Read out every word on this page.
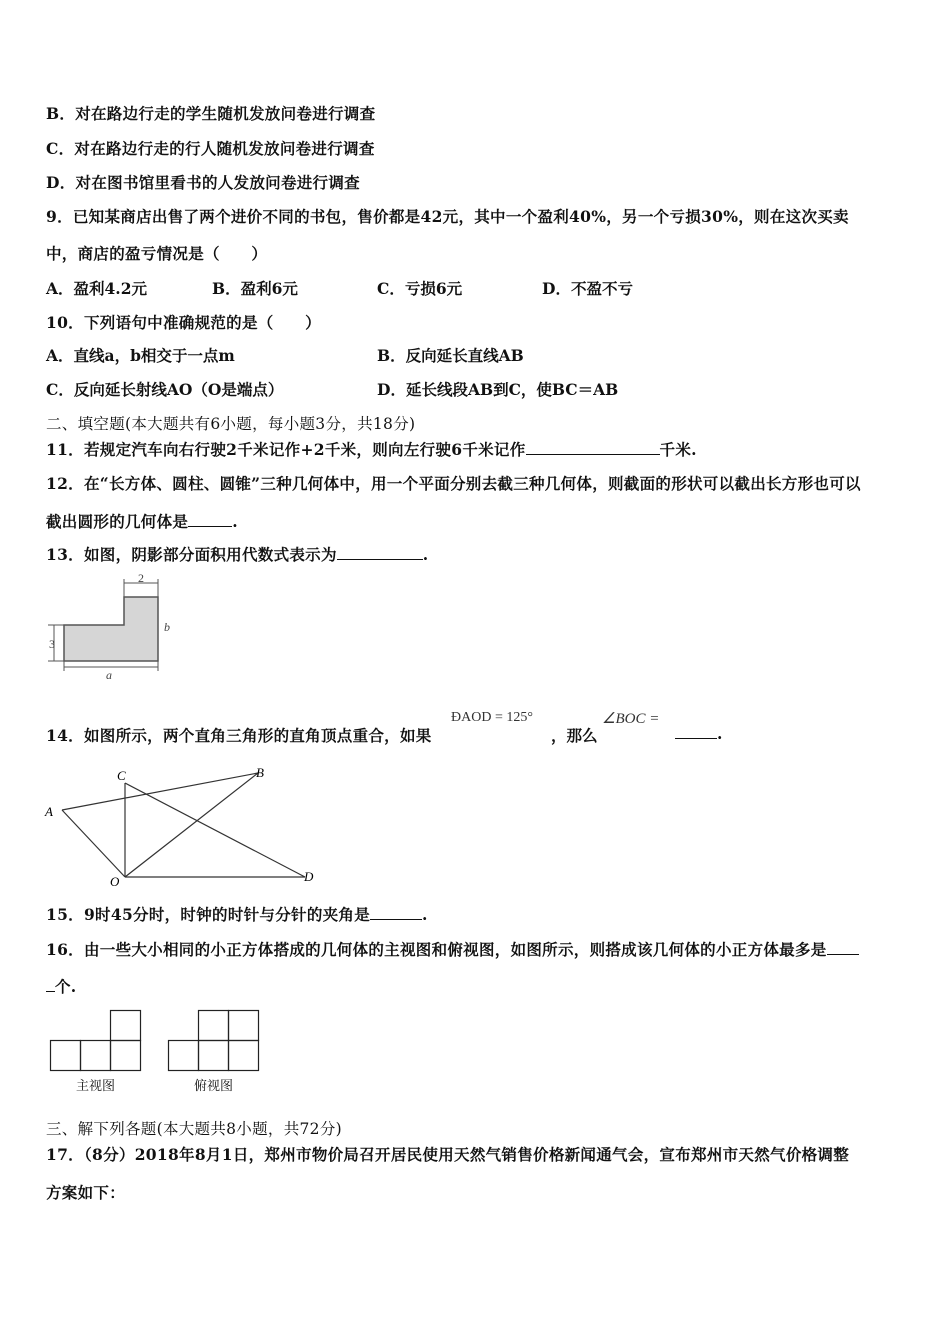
B．对在路边行走的学生随机发放问卷进行调查
C．对在路边行走的行人随机发放问卷进行调查
D．对在图书馆里看书的人发放问卷进行调查
9．已知某商店出售了两个进价不同的书包，售价都是42元，其中一个盈利40%，另一个亏损30%，则在这次买卖
中，商店的盈亏情况是（　　）
A．盈利4.2元	B．盈利6元	C．亏损6元	D．不盈不亏
10．下列语句中准确规范的是（　　）
A．直线a，b相交于一点m	B．反向延长直线AB
C．反向延长射线AO（O是端点）	D．延长线段AB到C，使BC＝AB
二、填空题(本大题共有6小题，每小题3分，共18分)
11．若规定汽车向右行驶2千米记作+2千米，则向左行驶6千米记作	千米.
12．在“长方体、圆柱、圆锥”三种几何体中，用一个平面分别去截三种几何体，则截面的形状可以截出长方形也可以
截出圆形的几何体是	.
13．如图，阴影部分面积用代数式表示为	.
2
b
3
a
14．如图所示，两个直角三角形的直角顶点重合，如果
ÐAOD = 125°
，那么
∠BOC =
.
A
C	B
O	D
15．9时45分时，时钟的时针与分针的夹角是	.
16．由一些大小相同的小正方体搭成的几何体的主视图和俯视图，如图所示，则搭成该几何体的小正方体最多是
个.
主视图	俯视图
三、解下列各题(本大题共8小题，共72分)
17．（8分）2018年8月1日，郑州市物价局召开居民使用天然气销售价格新闻通气会，宣布郑州市天然气价格调整
方案如下：
